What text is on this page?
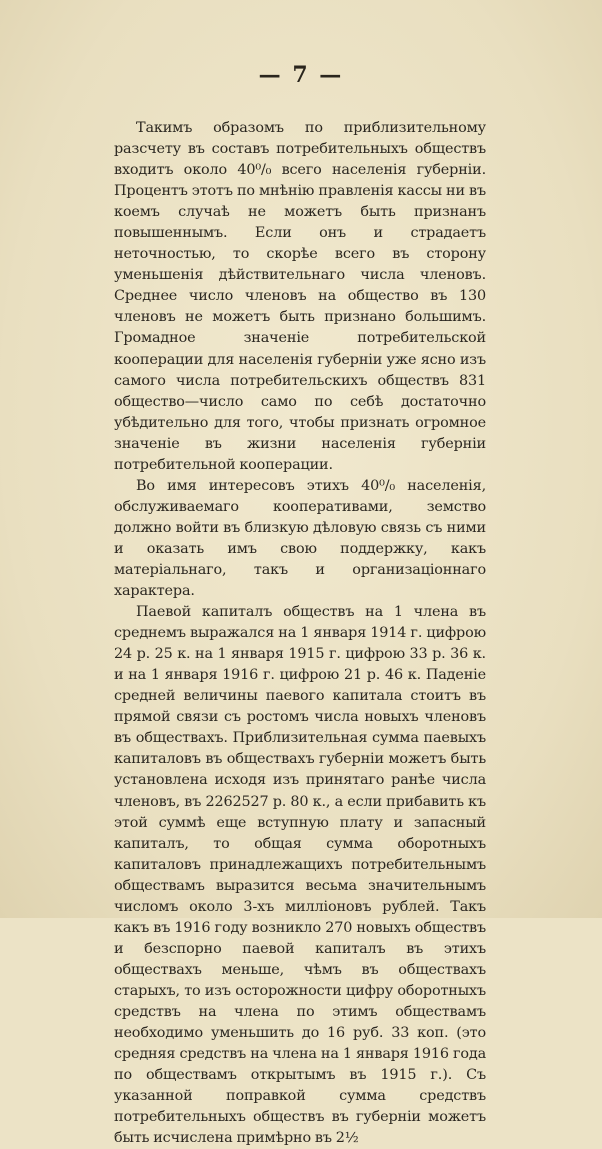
— 7 —

Такимъ образомъ по приблизительному разсчету въ составъ потребительныхъ обществъ входитъ около 40⁰/₀ всего населенія губерніи. Процентъ этотъ по мнѣнію правленія кассы ни въ коемъ случаѣ не можетъ быть признанъ повышеннымъ. Если онъ и страдаетъ неточностью, то скорѣе всего въ сторону уменьшенія дѣйствительнаго числа членовъ. Среднее число членовъ на общество въ 130 членовъ не можетъ быть признано большимъ. Громадное значеніе потребительской кооперации для населенія губерніи уже ясно изъ самого числа потребительскихъ обществъ 831 общество—число само по себѣ достаточно убѣдительно для того, чтобы признать огромное значеніе въ жизни населенія губерніи потребительной кооперации.

Во имя интересовъ этихъ 40⁰/₀ населенія, обслуживаемаго кооперативами, земство должно войти въ близкую дѣловую связь съ ними и оказать имъ свою поддержку, какъ матеріальнаго, такъ и организаціоннаго характера.

Паевой капиталъ обществъ на 1 члена въ среднемъ выражался на 1 января 1914 г. цифрою 24 р. 25 к. на 1 января 1915 г. цифрою 33 р. 36 к. и на 1 января 1916 г. цифрою 21 р. 46 к. Паденіе средней величины паевого капитала стоитъ въ прямой связи съ ростомъ числа новыхъ членовъ въ обществахъ. Приблизительная сумма паевыхъ капиталовъ въ обществахъ губерніи можетъ быть установлена исходя изъ принятаго ранѣе числа членовъ, въ 2262527 р. 80 к., а если прибавить къ этой суммѣ еще вступную плату и запасный капиталъ, то общая сумма оборотныхъ капиталовъ принадлежащихъ потребительнымъ обществамъ выразится весьма значительнымъ числомъ около 3-хъ милліоновъ рублей. Такъ какъ въ 1916 году возникло 270 новыхъ обществъ и безспорно паевой капиталъ въ этихъ обществахъ меньше, чѣмъ въ обществахъ старыхъ, то изъ осторожности цифру оборотныхъ средствъ на члена по этимъ обществамъ необходимо уменьшить до 16 руб. 33 коп. (это средняя средствъ на члена на 1 января 1916 года по обществамъ открытымъ въ 1915 г.). Съ указанной поправкой сумма средствъ потребительныхъ обществъ въ губерніи можетъ быть исчислена примѣрно въ 2½
